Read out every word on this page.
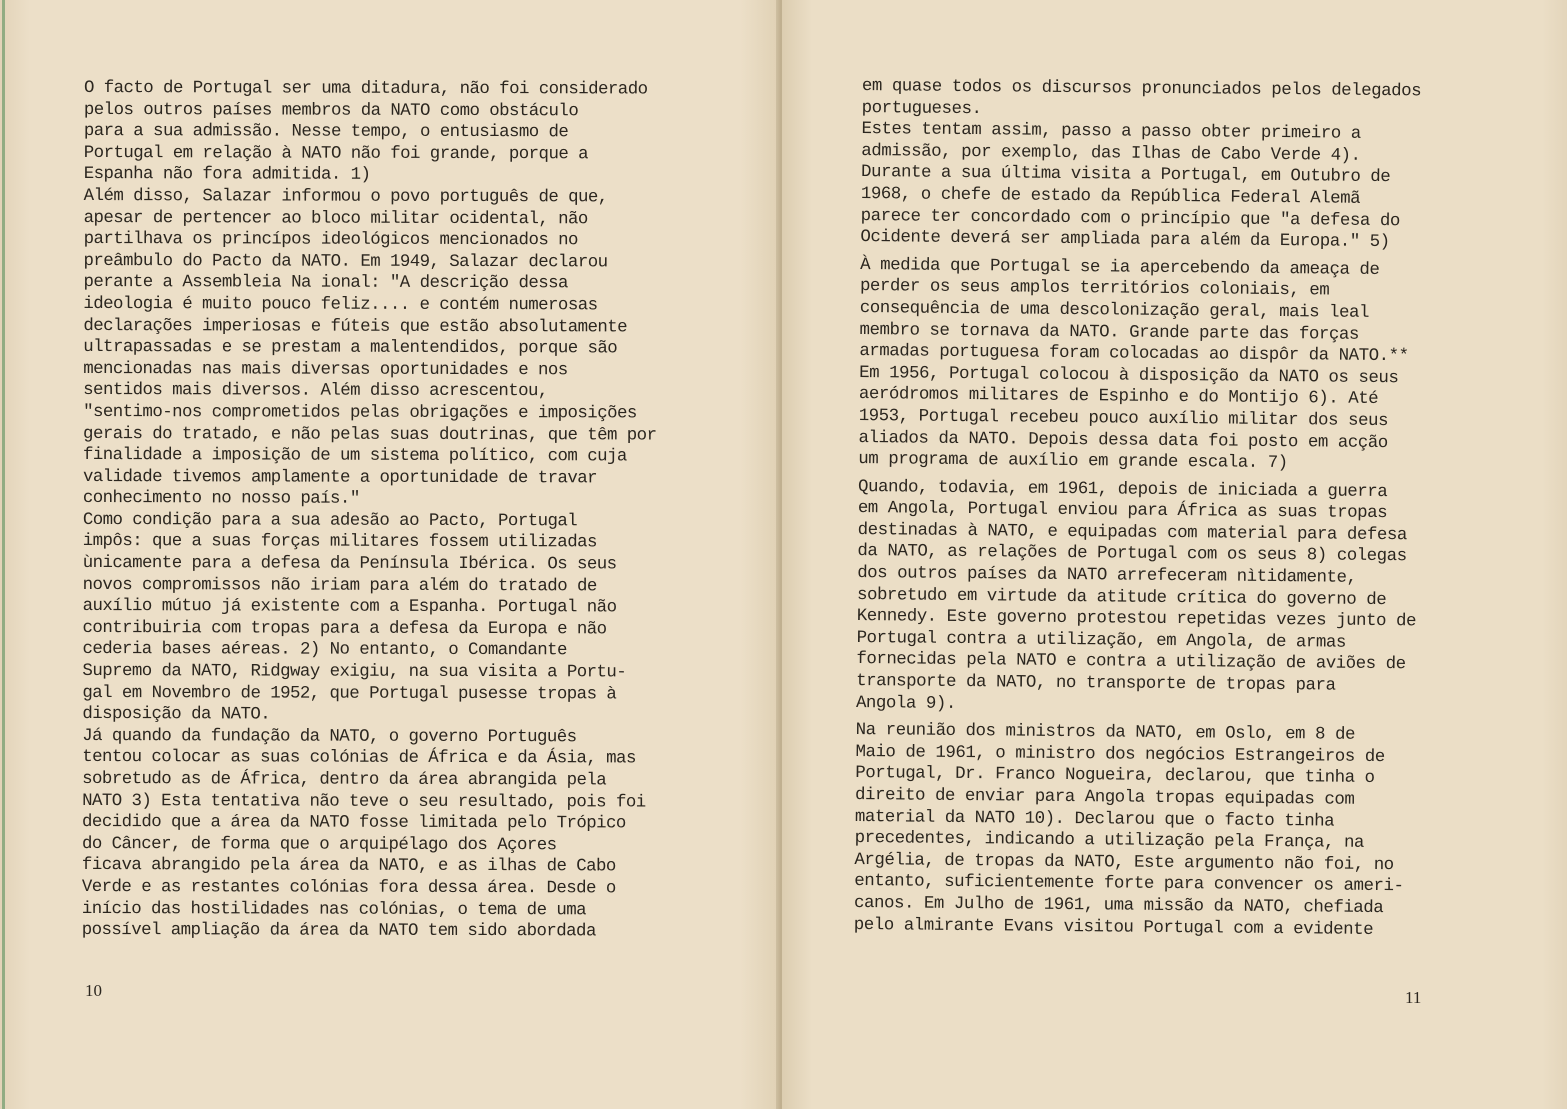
O facto de Portugal ser uma ditadura, não foi considerado
pelos outros países membros da NATO como obstáculo
para a sua admissão. Nesse tempo, o entusiasmo de
Portugal em relação à NATO não foi grande, porque a
Espanha não fora admitida. 1)
Além disso, Salazar informou o povo português de que,
apesar de pertencer ao bloco militar ocidental, não
partilhava os princípos ideológicos mencionados no
preâmbulo do Pacto da NATO. Em 1949, Salazar declarou
perante a Assembleia Na ional: "A descrição dessa
ideologia é muito pouco feliz.... e contém numerosas
declarações imperiosas e fúteis que estão absolutamente
ultrapassadas e se prestam a malentendidos, porque são
mencionadas nas mais diversas oportunidades e nos
sentidos mais diversos. Além disso acrescentou,
"sentimo-nos comprometidos pelas obrigações e imposições
gerais do tratado, e não pelas suas doutrinas, que têm por
finalidade a imposição de um sistema político, com cuja
validade tivemos amplamente a oportunidade de travar
conhecimento no nosso país."
Como condição para a sua adesão ao Pacto, Portugal
impôs: que a suas forças militares fossem utilizadas
ùnicamente para a defesa da Península Ibérica. Os seus
novos compromissos não iriam para além do tratado de
auxílio mútuo já existente com a Espanha. Portugal não
contribuiria com tropas para a defesa da Europa e não
cederia bases aéreas. 2) No entanto, o Comandante
Supremo da NATO, Ridgway exigiu, na sua visita a Portu-
gal em Novembro de 1952, que Portugal pusesse tropas à
disposição da NATO.
Já quando da fundação da NATO, o governo Português
tentou colocar as suas colónias de África e da Ásia, mas
sobretudo as de África, dentro da área abrangida pela
NATO 3) Esta tentativa não teve o seu resultado, pois foi
decidido que a área da NATO fosse limitada pelo Trópico
do Câncer, de forma que o arquipélago dos Açores
ficava abrangido pela área da NATO, e as ilhas de Cabo
Verde e as restantes colónias fora dessa área. Desde o
início das hostilidades nas colónias, o tema de uma
possível ampliação da área da NATO tem sido abordada
10
em quase todos os discursos pronunciados pelos delegados
portugueses.
Estes tentam assim, passo a passo obter primeiro a
admissão, por exemplo, das Ilhas de Cabo Verde 4).
Durante a sua última visita a Portugal, em Outubro de
1968, o chefe de estado da República Federal Alemã
parece ter concordado com o princípio que "a defesa do
Ocidente deverá ser ampliada para além da Europa." 5)
À medida que Portugal se ia apercebendo da ameaça de
perder os seus amplos territórios coloniais, em
consequência de uma descolonização geral, mais leal
membro se tornava da NATO. Grande parte das forças
armadas portuguesa foram colocadas ao dispôr da NATO.**
Em 1956, Portugal colocou à disposição da NATO os seus
aeródromos militares de Espinho e do Montijo 6). Até
1953, Portugal recebeu pouco auxílio militar dos seus
aliados da NATO. Depois dessa data foi posto em acção
um programa de auxílio em grande escala. 7)
Quando, todavia, em 1961, depois de iniciada a guerra
em Angola, Portugal enviou para África as suas tropas
destinadas à NATO, e equipadas com material para defesa
da NATO, as relações de Portugal com os seus 8) colegas
dos outros países da NATO arrefeceram nìtidamente,
sobretudo em virtude da atitude crítica do governo de
Kennedy. Este governo protestou repetidas vezes junto de
Portugal contra a utilização, em Angola, de armas
fornecidas pela NATO e contra a utilização de aviões de
transporte da NATO, no transporte de tropas para
Angola 9).
Na reunião dos ministros da NATO, em Oslo, em 8 de
Maio de 1961, o ministro dos negócios Estrangeiros de
Portugal, Dr. Franco Nogueira, declarou, que tinha o
direito de enviar para Angola tropas equipadas com
material da NATO 10). Declarou que o facto tinha
precedentes, indicando a utilização pela França, na
Argélia, de tropas da NATO, Este argumento não foi, no
entanto, suficientemente forte para convencer os ameri-
canos. Em Julho de 1961, uma missão da NATO, chefiada
pelo almirante Evans visitou Portugal com a evidente
11
